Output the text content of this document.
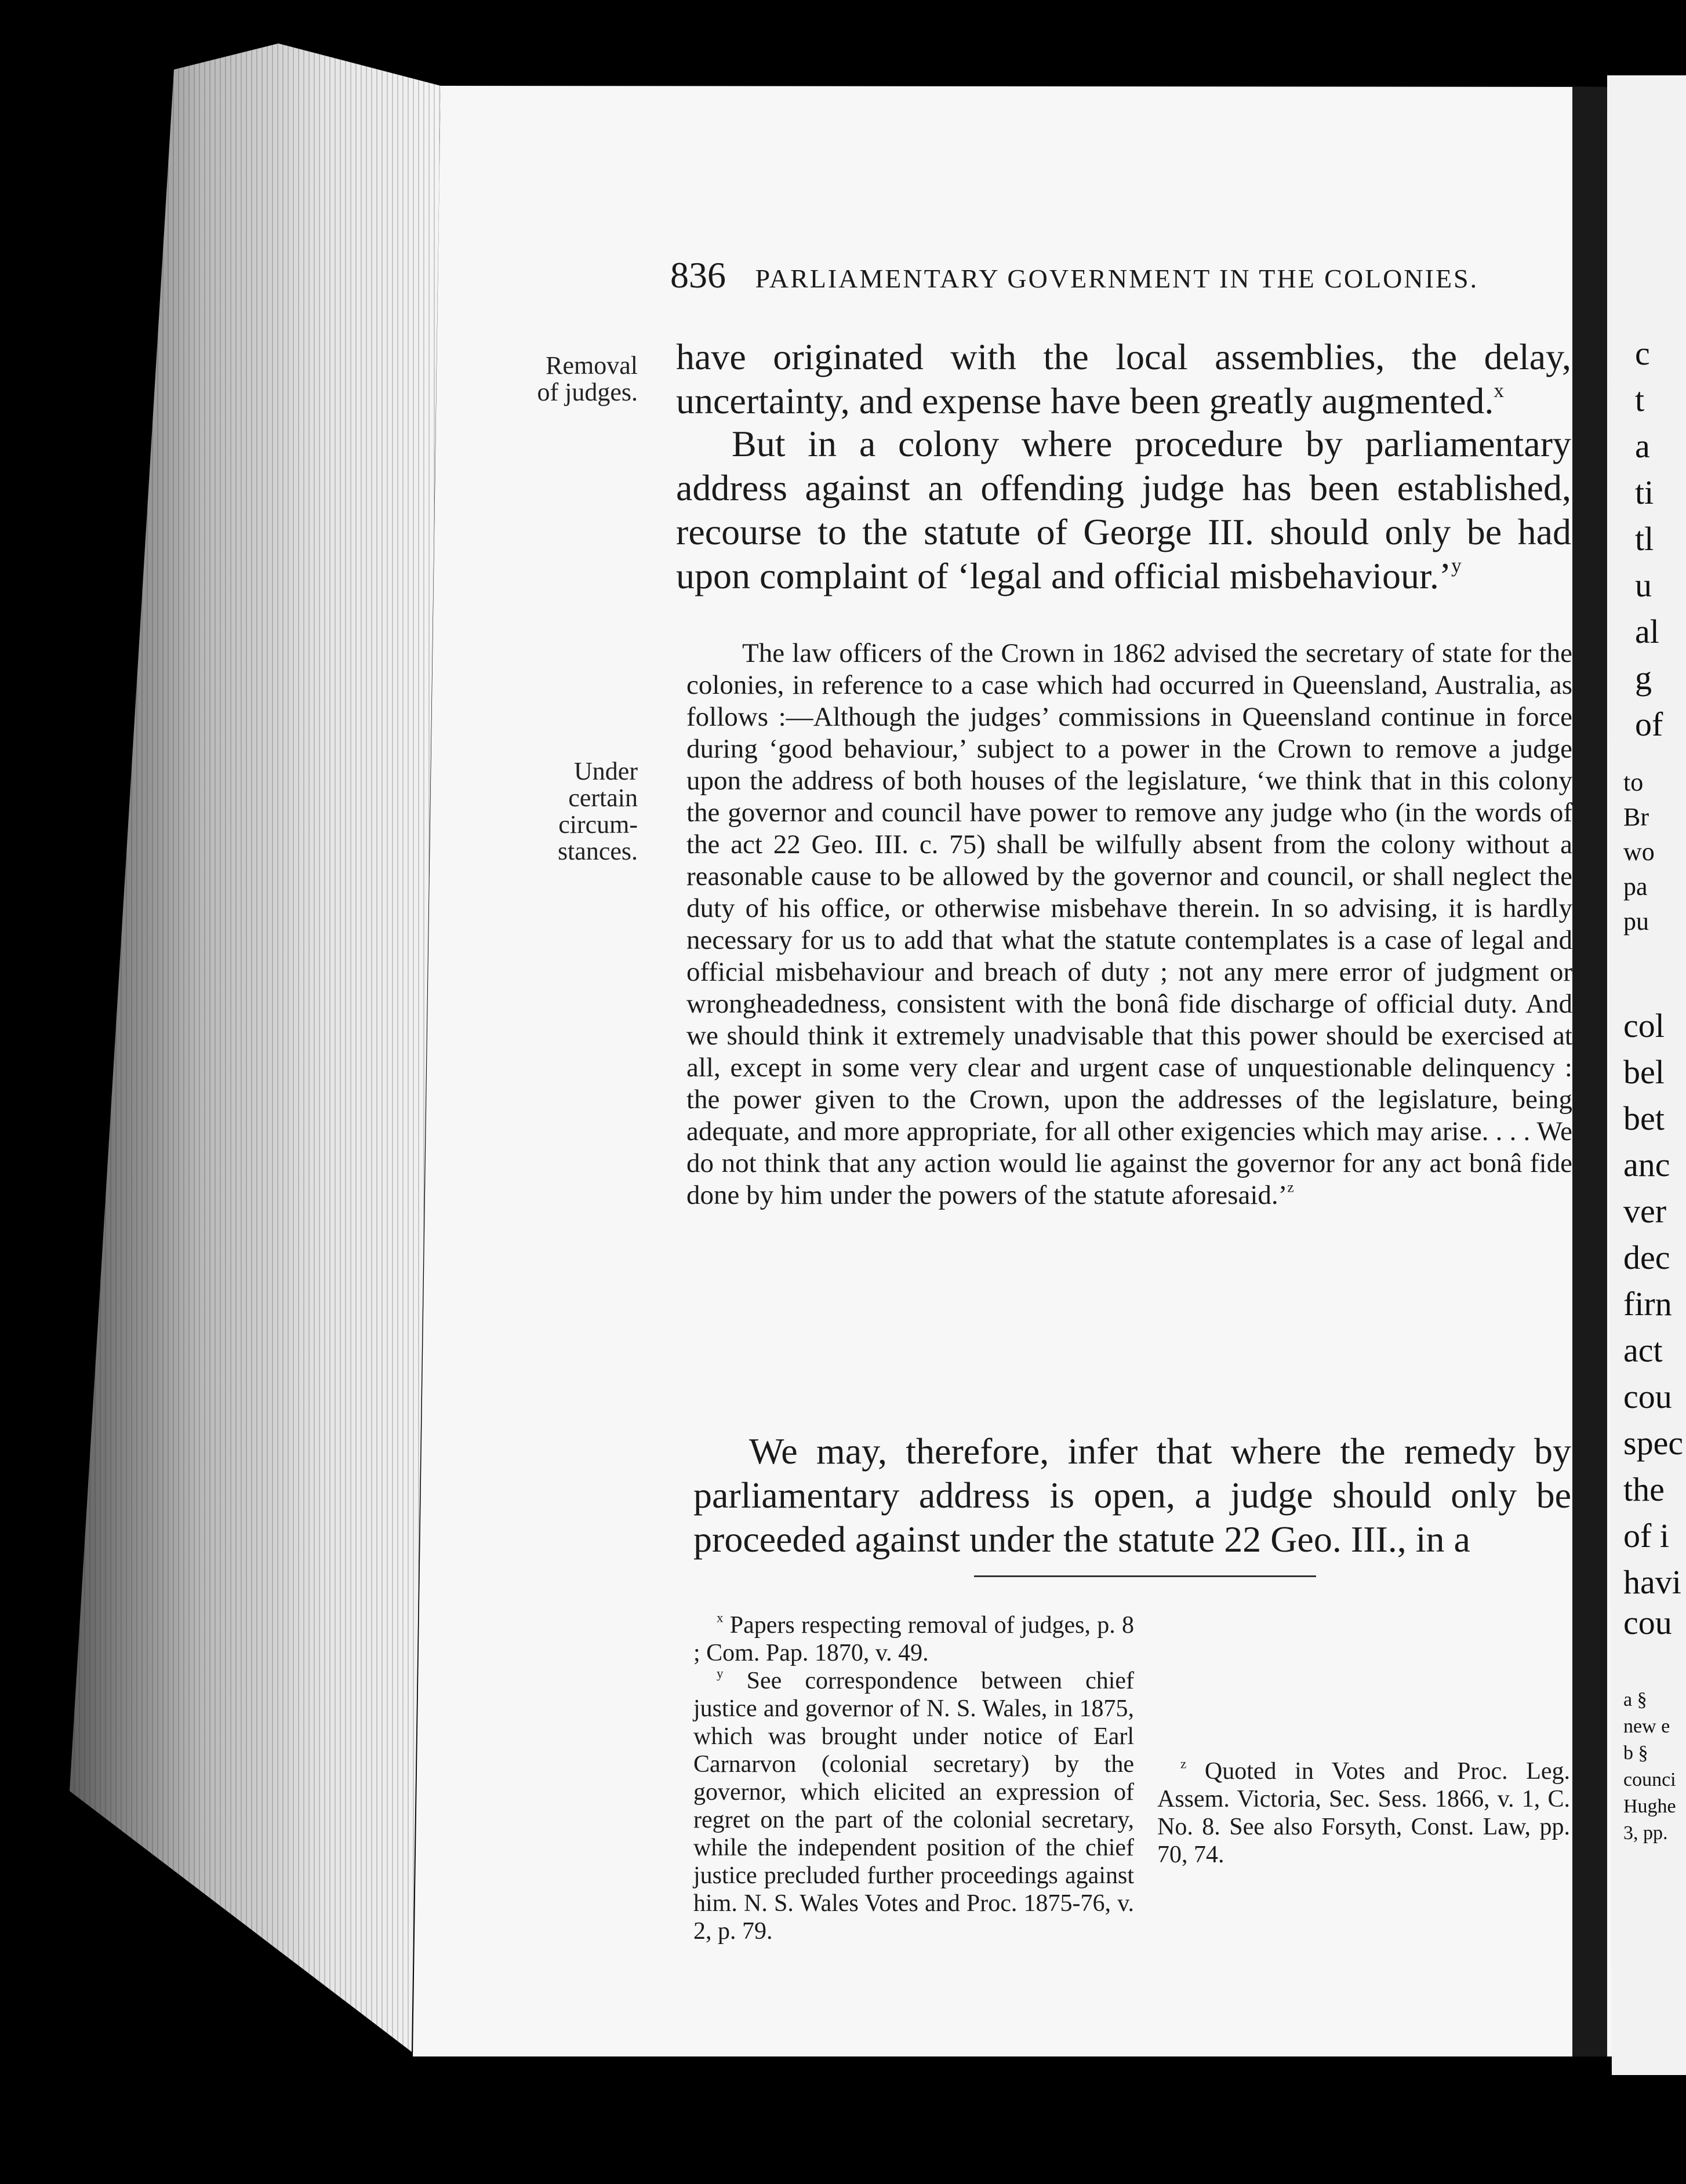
836 PARLIAMENTARY GOVERNMENT IN THE COLONIES.
Removal of judges.
Under certain circum-stances.
have originated with the local assemblies, the delay, uncertainty, and expense have been greatly augmented.$^x$
But in a colony where procedure by parliamentary address against an offending judge has been established, recourse to the statute of George III. should only be had upon complaint of ‘legal and official misbehaviour.’$^y$
The law officers of the Crown in 1862 advised the secretary of state for the colonies, in reference to a case which had occurred in Queensland, Australia, as follows :—Although the judges’ commissions in Queensland continue in force during ‘good behaviour,’ subject to a power in the Crown to remove a judge upon the address of both houses of the legislature, ‘we think that in this colony the governor and council have power to remove any judge who (in the words of the act 22 Geo. III. c. 75) shall be wilfully absent from the colony without a reasonable cause to be allowed by the governor and council, or shall neglect the duty of his office, or otherwise misbehave therein. In so advising, it is hardly necessary for us to add that what the statute contemplates is a case of legal and official misbehaviour and breach of duty ; not any mere error of judgment or wrongheadedness, consistent with the bonâ fide discharge of official duty. And we should think it extremely unadvisable that this power should be exercised at all, except in some very clear and urgent case of unquestionable delinquency : the power given to the Crown, upon the addresses of the legislature, being adequate, and more appropriate, for all other exigencies which may arise. . . . We do not think that any action would lie against the governor for any act bonâ fide done by him under the powers of the statute aforesaid.’$^z$
We may, therefore, infer that where the remedy by parliamentary address is open, a judge should only be proceeded against under the statute 22 Geo. III., in a
$^x$ Papers respecting removal of judges, p. 8 ; Com. Pap. 1870, v. 49.
$^y$ See correspondence between chief justice and governor of N. S. Wales, in 1875, which was brought under notice of Earl Carnarvon (colonial secretary) by the governor, which elicited an expression of regret on the part of the colonial secretary, while the independent position of the chief justice precluded further proceedings against him. N. S. Wales Votes and Proc. 1875-76, v. 2, p. 79.
$^z$ Quoted in Votes and Proc. Leg. Assem. Victoria, Sec. Sess. 1866, v. 1, C. No. 8. See also Forsyth, Const. Law, pp. 70, 74.
c
t
a
ti
tl
u
al
g
of
to
Br
wo
pa
pu
col
bel
bet
anc
ver
dec
firn
act
cou
spec
the
of i
havi
cou
a §
new e
b §
counci
Hughe
3, pp.
